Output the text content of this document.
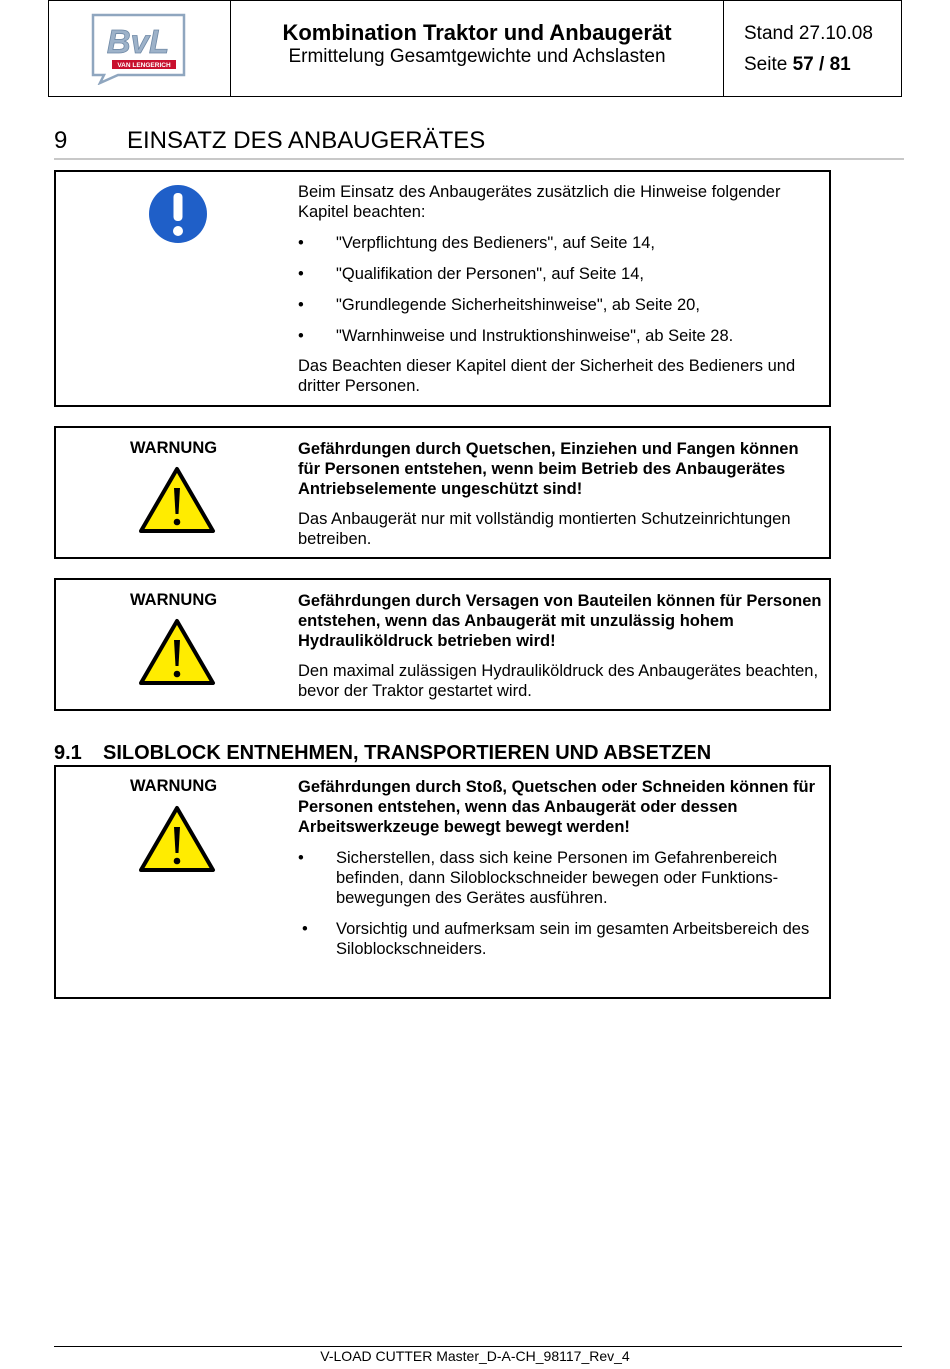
BvL
VAN LENGERICH
Kombination Traktor und Anbaugerät
Ermittelung Gesamtgewichte und Achslasten
Stand 27.10.08
Seite 57 / 81
9 EINSATZ DES ANBAUGERÄTES

Beim Einsatz des Anbaugerätes zusätzlich die Hinweise folgender Kapitel beachten:

• "Verpflichtung des Bedieners", auf Seite 14,
• "Qualifikation der Personen", auf Seite 14,
• "Grundlegende Sicherheitshinweise", ab Seite 20,
• "Warnhinweise und Instruktionshinweise", ab Seite 28.

Das Beachten dieser Kapitel dient der Sicherheit des Bedieners und dritter Personen.

WARNUNG	Gefährdungen durch Quetschen, Einziehen und Fangen können für Personen entstehen, wenn beim Betrieb des Anbaugerätes Antriebselemente ungeschützt sind!

Das Anbaugerät nur mit vollständig montierten Schutzeinrichtungen betreiben.

WARNUNG	Gefährdungen durch Versagen von Bauteilen können für Personen entstehen, wenn das Anbaugerät mit unzulässig hohem Hydrauliköldruck betrieben wird!

Den maximal zulässigen Hydrauliköldruck des Anbaugerätes beachten, bevor der Traktor gestartet wird.

9.1 SILOBLOCK ENTNEHMEN, TRANSPORTIEREN UND ABSETZEN
WARNUNG	Gefährdungen durch Stoß, Quetschen oder Schneiden können für Personen entstehen, wenn das Anbaugerät oder dessen Arbeitswerkzeuge bewegt bewegt werden!

• Sicherstellen, dass sich keine Personen im Gefahrenbereich befinden, dann Siloblockschneider bewegen oder Funktions-bewegungen des Gerätes ausführen.
• Vorsichtig und aufmerksam sein im gesamten Arbeitsbereich des Siloblockschneiders.
V-LOAD CUTTER Master_D-A-CH_98117_Rev_4
